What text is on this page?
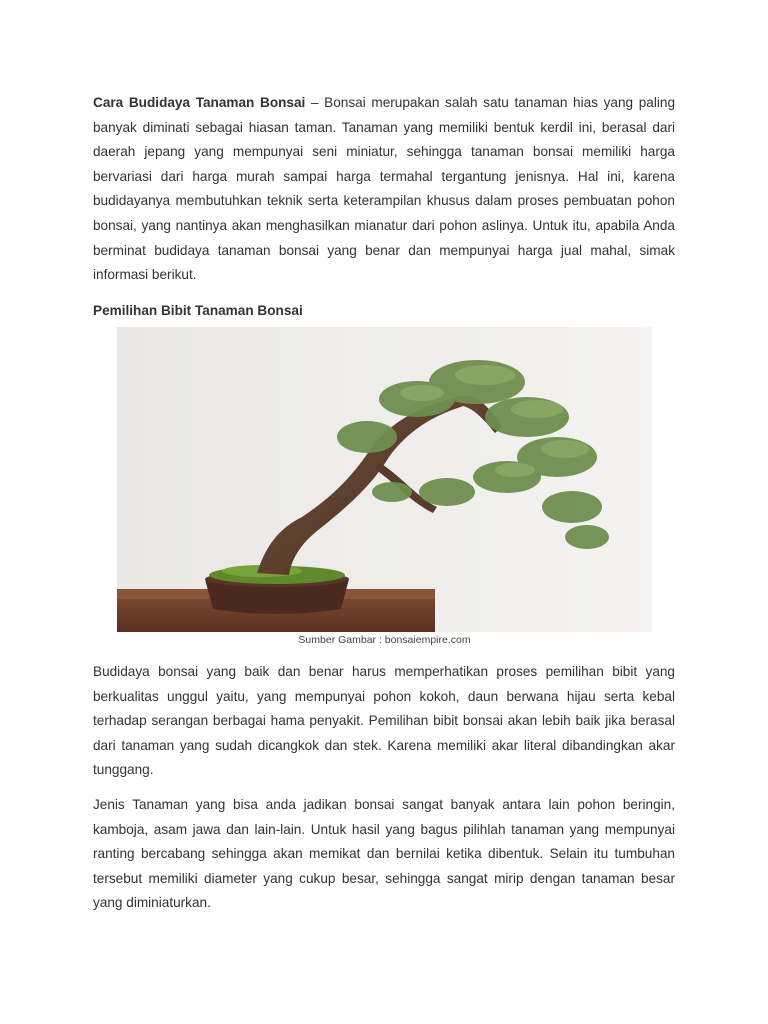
Cara Budidaya Tanaman Bonsai – Bonsai merupakan salah satu tanaman hias yang paling banyak diminati sebagai hiasan taman. Tanaman yang memiliki bentuk kerdil ini, berasal dari daerah jepang yang mempunyai seni miniatur, sehingga tanaman bonsai memiliki harga bervariasi dari harga murah sampai harga termahal tergantung jenisnya. Hal ini, karena budidayanya membutuhkan teknik serta keterampilan khusus dalam proses pembuatan pohon bonsai, yang nantinya akan menghasilkan mianatur dari pohon aslinya. Untuk itu, apabila Anda berminat budidaya tanaman bonsai yang benar dan mempunyai harga jual mahal, simak informasi berikut.

Pemilihan Bibit Tanaman Bonsai

Sumber Gambar : bonsaiempire.com

Budidaya bonsai yang baik dan benar harus memperhatikan proses pemilihan bibit yang berkualitas unggul yaitu, yang mempunyai pohon kokoh, daun berwana hijau serta kebal terhadap serangan berbagai hama penyakit. Pemilihan bibit bonsai akan lebih baik jika berasal dari tanaman yang sudah dicangkok dan stek. Karena memiliki akar literal dibandingkan akar tunggang.

Jenis Tanaman yang bisa anda jadikan bonsai sangat banyak antara lain pohon beringin, kamboja, asam jawa dan lain-lain. Untuk hasil yang bagus pilihlah tanaman yang mempunyai ranting bercabang sehingga akan memikat dan bernilai ketika dibentuk. Selain itu tumbuhan tersebut memiliki diameter yang cukup besar, sehingga sangat mirip dengan tanaman besar yang diminiaturkan.
